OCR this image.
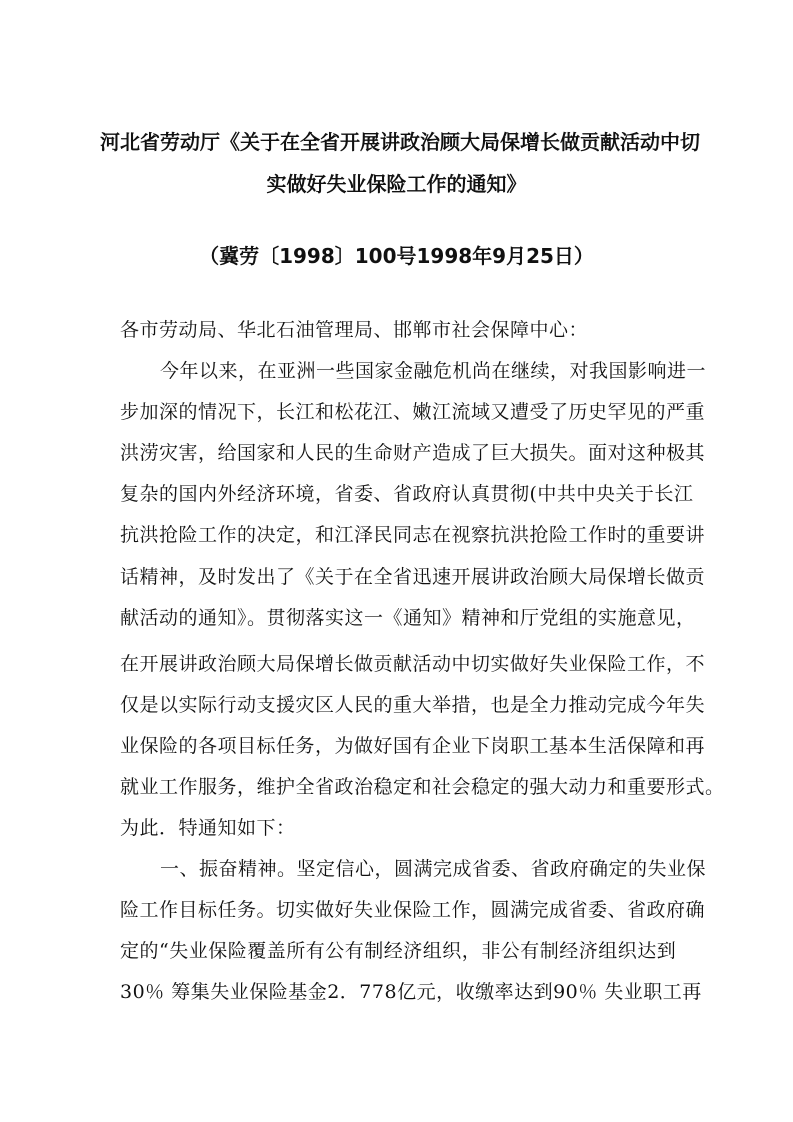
河北省劳动厅《关于在全省开展讲政治顾大局保增长做贡献活动中切
实做好失业保险工作的通知》
（冀劳〔1998〕100号1998年9月25日）
各市劳动局、华北石油管理局、邯郸市社会保障中心：
今年以来，在亚洲一些国家金融危机尚在继续，对我国影响进一
步加深的情况下，长江和松花江、嫩江流域又遭受了历史罕见的严重
洪涝灾害，给国家和人民的生命财产造成了巨大损失。面对这种极其
复杂的国内外经济环境，省委、省政府认真贯彻(中共中央关于长江
抗洪抢险工作的决定，和江泽民同志在视察抗洪抢险工作时的重要讲
话精神，及时发出了《关于在全省迅速开展讲政治顾大局保增长做贡
献活动的通知》。贯彻落实这一《通知》精神和厅党组的实施意见，
在开展讲政治顾大局保增长做贡献活动中切实做好失业保险工作，不
仅是以实际行动支援灾区人民的重大举措，也是全力推动完成今年失
业保险的各项目标任务，为做好国有企业下岗职工基本生活保障和再
就业工作服务，维护全省政治稳定和社会稳定的强大动力和重要形式。
为此．特通知如下：
一、振奋精神。坚定信心，圆满完成省委、省政府确定的失业保
险工作目标任务。切实做好失业保险工作，圆满完成省委、省政府确
定的“失业保险覆盖所有公有制经济组织，非公有制经济组织达到
30％ 筹集失业保险基金2．778亿元，收缴率达到90％ 失业职工再
